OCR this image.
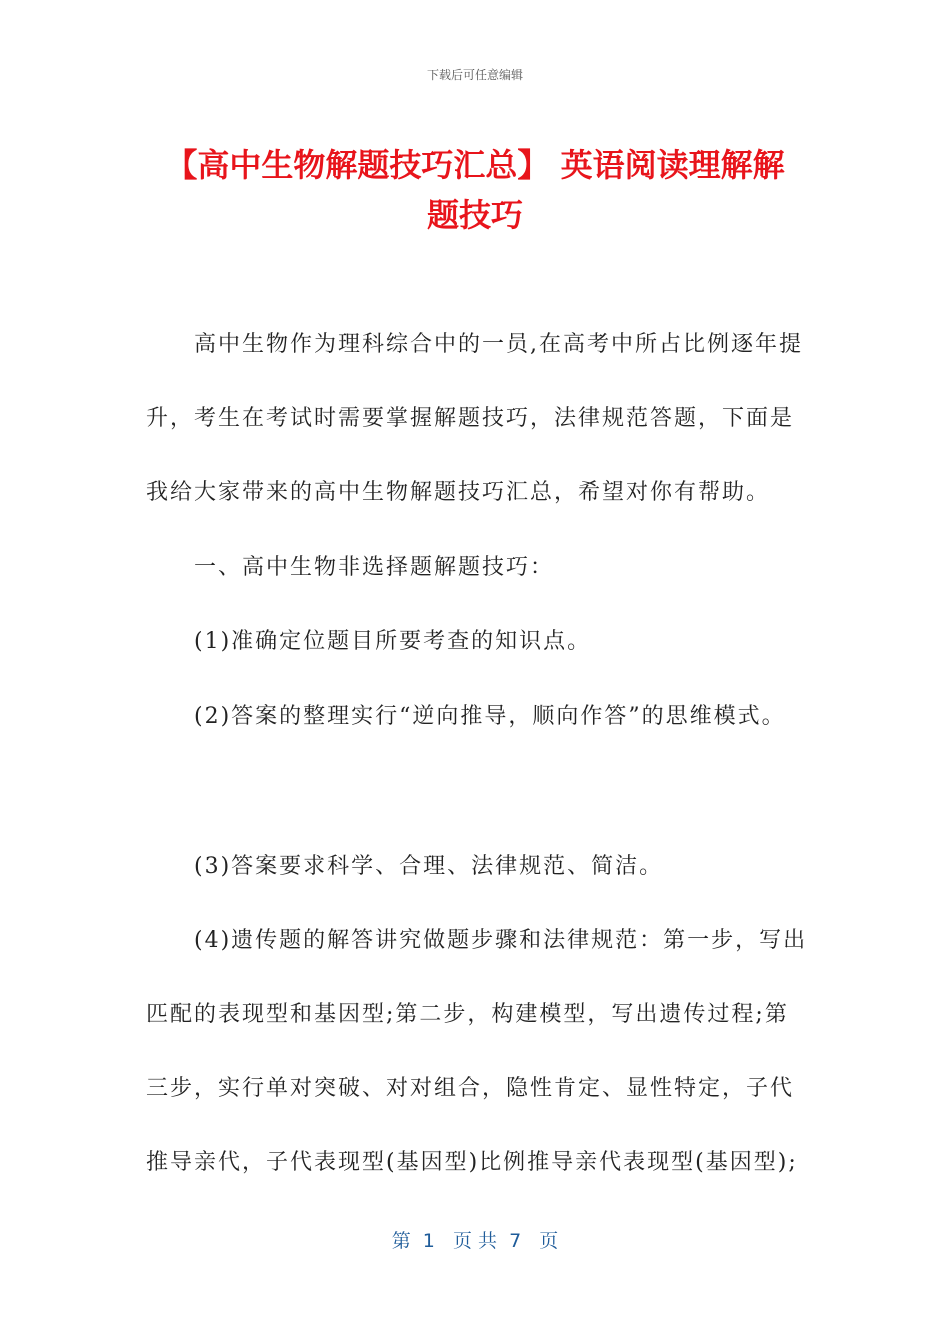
下载后可任意编辑
【高中生物解题技巧汇总】 英语阅读理解解
题技巧
　　高中生物作为理科综合中的一员,在高考中所占比例逐年提
升，考生在考试时需要掌握解题技巧，法律规范答题，下面是
我给大家带来的高中生物解题技巧汇总，希望对你有帮助。
　　一、高中生物非选择题解题技巧：
　　(1)准确定位题目所要考查的知识点。
　　(2)答案的整理实行“逆向推导，顺向作答”的思维模式。
　　(3)答案要求科学、合理、法律规范、简洁。
　　(4)遗传题的解答讲究做题步骤和法律规范：第一步，写出
匹配的表现型和基因型;第二步，构建模型，写出遗传过程;第
三步，实行单对突破、对对组合，隐性肯定、显性特定，子代
推导亲代，子代表现型(基因型)比例推导亲代表现型(基因型);
第  1   页 共  7   页
